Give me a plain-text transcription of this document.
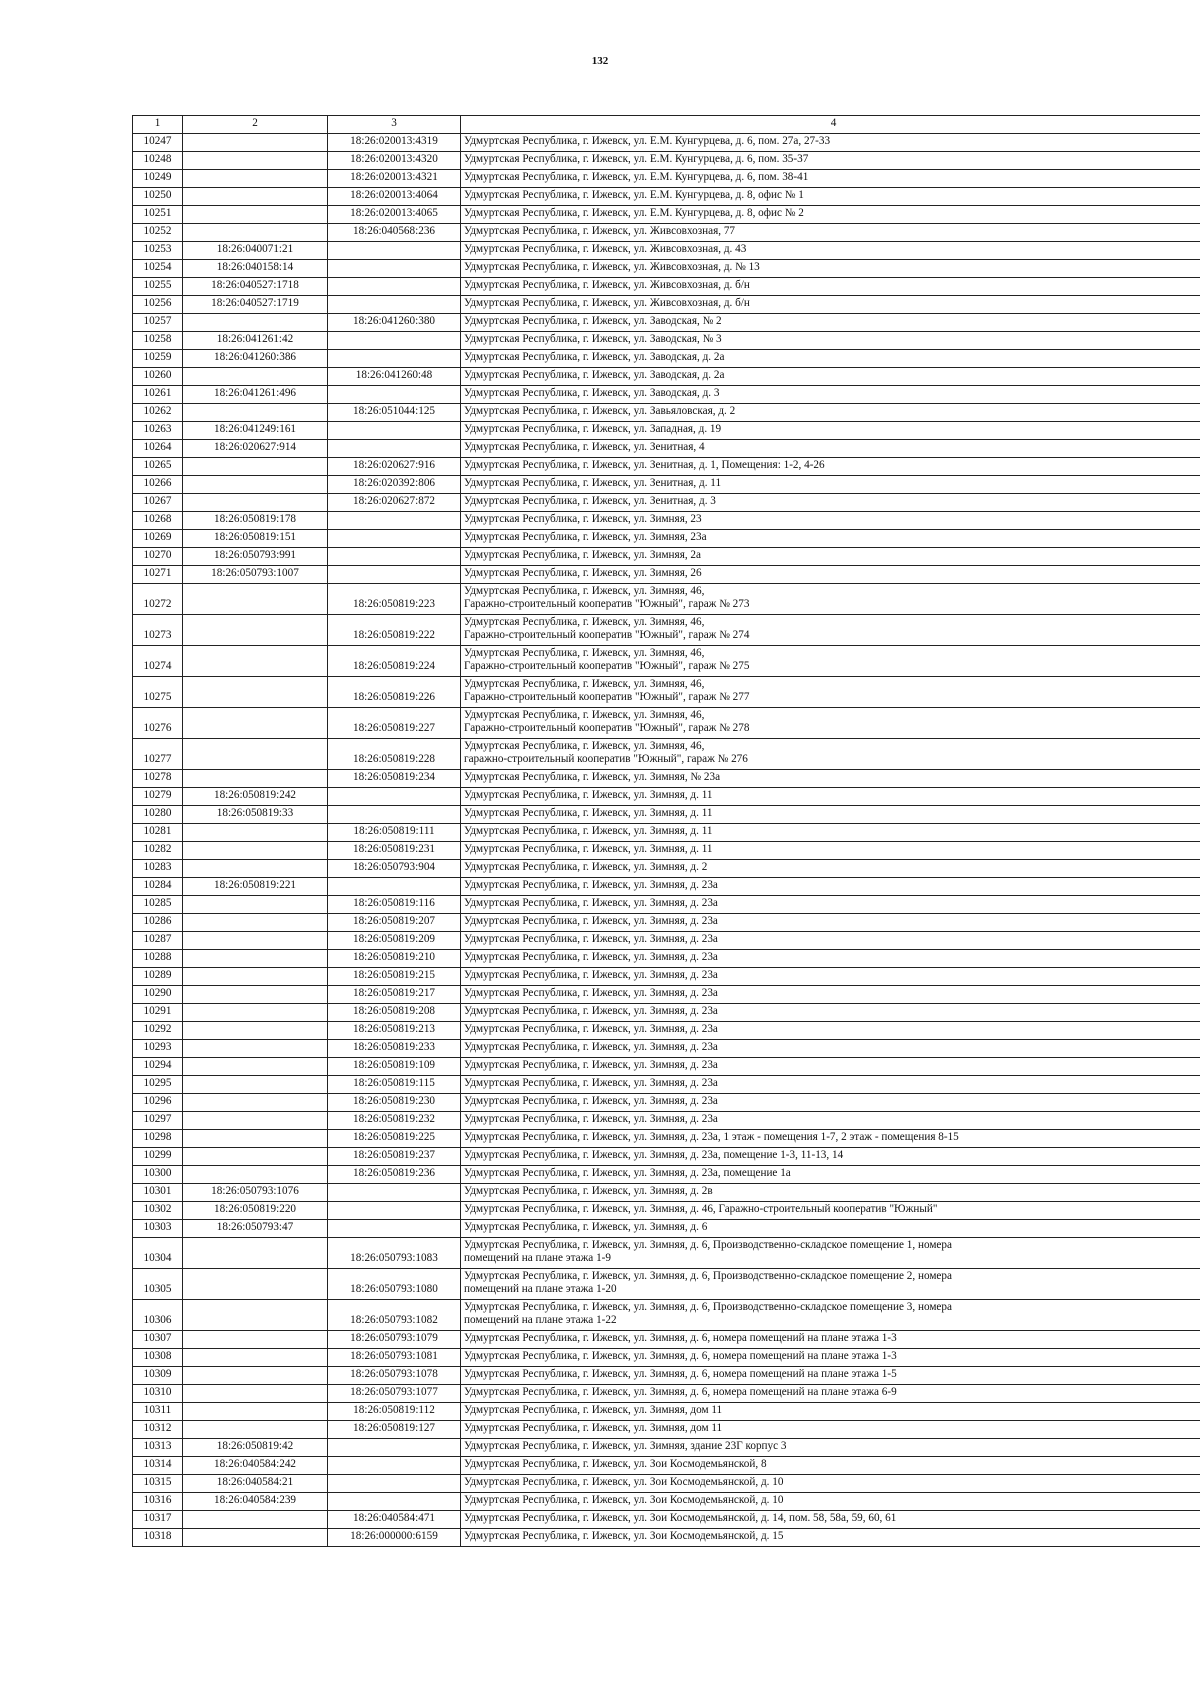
132
1	2	3	4
10247		18:26:020013:4319	Удмуртская Республика, г. Ижевск, ул. Е.М. Кунгурцева, д. 6, пом. 27а, 27-33

10248		18:26:020013:4320	Удмуртская Республика, г. Ижевск, ул. Е.М. Кунгурцева, д. 6, пом. 35-37

10249		18:26:020013:4321	Удмуртская Республика, г. Ижевск, ул. Е.М. Кунгурцева, д. 6, пом. 38-41

10250		18:26:020013:4064	Удмуртская Республика, г. Ижевск, ул. Е.М. Кунгурцева, д. 8, офис № 1

10251		18:26:020013:4065	Удмуртская Республика, г. Ижевск, ул. Е.М. Кунгурцева, д. 8, офис № 2

10252		18:26:040568:236	Удмуртская Республика, г. Ижевск, ул. Живсовхозная, 77

10253	18:26:040071:21		Удмуртская Республика, г. Ижевск, ул. Живсовхозная, д. 43

10254	18:26:040158:14		Удмуртская Республика, г. Ижевск, ул. Живсовхозная, д. № 13

10255	18:26:040527:1718		Удмуртская Республика, г. Ижевск, ул. Живсовхозная, д. б/н

10256	18:26:040527:1719		Удмуртская Республика, г. Ижевск, ул. Живсовхозная, д. б/н

10257		18:26:041260:380	Удмуртская Республика, г. Ижевск, ул. Заводская, № 2

10258	18:26:041261:42		Удмуртская Республика, г. Ижевск, ул. Заводская, № 3

10259	18:26:041260:386		Удмуртская Республика, г. Ижевск, ул. Заводская, д. 2а

10260		18:26:041260:48	Удмуртская Республика, г. Ижевск, ул. Заводская, д. 2а

10261	18:26:041261:496		Удмуртская Республика, г. Ижевск, ул. Заводская, д. 3

10262		18:26:051044:125	Удмуртская Республика, г. Ижевск, ул. Завьяловская, д. 2

10263	18:26:041249:161		Удмуртская Республика, г. Ижевск, ул. Западная, д. 19

10264	18:26:020627:914		Удмуртская Республика, г. Ижевск, ул. Зенитная, 4

10265		18:26:020627:916	Удмуртская Республика, г. Ижевск, ул. Зенитная, д. 1, Помещения: 1-2, 4-26

10266		18:26:020392:806	Удмуртская Республика, г. Ижевск, ул. Зенитная, д. 11

10267		18:26:020627:872	Удмуртская Республика, г. Ижевск, ул. Зенитная, д. 3

10268	18:26:050819:178		Удмуртская Республика, г. Ижевск, ул. Зимняя, 23

10269	18:26:050819:151		Удмуртская Республика, г. Ижевск, ул. Зимняя, 23а

10270	18:26:050793:991		Удмуртская Республика, г. Ижевск, ул. Зимняя, 2а

10271	18:26:050793:1007		Удмуртская Республика, г. Ижевск, ул. Зимняя, 26

10272		18:26:050819:223	Удмуртская Республика, г. Ижевск, ул. Зимняя, 46,
Гаражно-строительный кооператив "Южный", гараж № 273

10273		18:26:050819:222	Удмуртская Республика, г. Ижевск, ул. Зимняя, 46,
Гаражно-строительный кооператив "Южный", гараж № 274

10274		18:26:050819:224	Удмуртская Республика, г. Ижевск, ул. Зимняя, 46,
Гаражно-строительный кооператив "Южный", гараж № 275

10275		18:26:050819:226	Удмуртская Республика, г. Ижевск, ул. Зимняя, 46,
Гаражно-строительный кооператив "Южный", гараж № 277

10276		18:26:050819:227	Удмуртская Республика, г. Ижевск, ул. Зимняя, 46,
Гаражно-строительный кооператив "Южный", гараж № 278

10277		18:26:050819:228	Удмуртская Республика, г. Ижевск, ул. Зимняя, 46,
гаражно-строительный кооператив "Южный", гараж № 276

10278		18:26:050819:234	Удмуртская Республика, г. Ижевск, ул. Зимняя, № 23а

10279	18:26:050819:242		Удмуртская Республика, г. Ижевск, ул. Зимняя, д. 11

10280	18:26:050819:33		Удмуртская Республика, г. Ижевск, ул. Зимняя, д. 11

10281		18:26:050819:111	Удмуртская Республика, г. Ижевск, ул. Зимняя, д. 11

10282		18:26:050819:231	Удмуртская Республика, г. Ижевск, ул. Зимняя, д. 11

10283		18:26:050793:904	Удмуртская Республика, г. Ижевск, ул. Зимняя, д. 2

10284	18:26:050819:221		Удмуртская Республика, г. Ижевск, ул. Зимняя, д. 23а

10285		18:26:050819:116	Удмуртская Республика, г. Ижевск, ул. Зимняя, д. 23а

10286		18:26:050819:207	Удмуртская Республика, г. Ижевск, ул. Зимняя, д. 23а

10287		18:26:050819:209	Удмуртская Республика, г. Ижевск, ул. Зимняя, д. 23а

10288		18:26:050819:210	Удмуртская Республика, г. Ижевск, ул. Зимняя, д. 23а

10289		18:26:050819:215	Удмуртская Республика, г. Ижевск, ул. Зимняя, д. 23а

10290		18:26:050819:217	Удмуртская Республика, г. Ижевск, ул. Зимняя, д. 23а

10291		18:26:050819:208	Удмуртская Республика, г. Ижевск, ул. Зимняя, д. 23а

10292		18:26:050819:213	Удмуртская Республика, г. Ижевск, ул. Зимняя, д. 23а

10293		18:26:050819:233	Удмуртская Республика, г. Ижевск, ул. Зимняя, д. 23а

10294		18:26:050819:109	Удмуртская Республика, г. Ижевск, ул. Зимняя, д. 23а

10295		18:26:050819:115	Удмуртская Республика, г. Ижевск, ул. Зимняя, д. 23а

10296		18:26:050819:230	Удмуртская Республика, г. Ижевск, ул. Зимняя, д. 23а

10297		18:26:050819:232	Удмуртская Республика, г. Ижевск, ул. Зимняя, д. 23а

10298		18:26:050819:225	Удмуртская Республика, г. Ижевск, ул. Зимняя, д. 23а, 1 этаж - помещения 1-7, 2 этаж - помещения 8-15

10299		18:26:050819:237	Удмуртская Республика, г. Ижевск, ул. Зимняя, д. 23а, помещение 1-3, 11-13, 14

10300		18:26:050819:236	Удмуртская Республика, г. Ижевск, ул. Зимняя, д. 23а, помещение 1а

10301	18:26:050793:1076		Удмуртская Республика, г. Ижевск, ул. Зимняя, д. 2в

10302	18:26:050819:220		Удмуртская Республика, г. Ижевск, ул. Зимняя, д. 46, Гаражно-строительный кооператив "Южный"

10303	18:26:050793:47		Удмуртская Республика, г. Ижевск, ул. Зимняя, д. 6

10304		18:26:050793:1083	Удмуртская Республика, г. Ижевск, ул. Зимняя, д. 6, Производственно-складское помещение 1, номера
помещений на плане этажа 1-9

10305		18:26:050793:1080	Удмуртская Республика, г. Ижевск, ул. Зимняя, д. 6, Производственно-складское помещение 2, номера
помещений на плане этажа 1-20

10306		18:26:050793:1082	Удмуртская Республика, г. Ижевск, ул. Зимняя, д. 6, Производственно-складское помещение 3, номера
помещений на плане этажа 1-22

10307		18:26:050793:1079	Удмуртская Республика, г. Ижевск, ул. Зимняя, д. 6, номера помещений на плане этажа 1-3

10308		18:26:050793:1081	Удмуртская Республика, г. Ижевск, ул. Зимняя, д. 6, номера помещений на плане этажа 1-3

10309		18:26:050793:1078	Удмуртская Республика, г. Ижевск, ул. Зимняя, д. 6, номера помещений на плане этажа 1-5

10310		18:26:050793:1077	Удмуртская Республика, г. Ижевск, ул. Зимняя, д. 6, номера помещений на плане этажа 6-9

10311		18:26:050819:112	Удмуртская Республика, г. Ижевск, ул. Зимняя, дом 11

10312		18:26:050819:127	Удмуртская Республика, г. Ижевск, ул. Зимняя, дом 11

10313	18:26:050819:42		Удмуртская Республика, г. Ижевск, ул. Зимняя, здание 23Г корпус 3

10314	18:26:040584:242		Удмуртская Республика, г. Ижевск, ул. Зои Космодемьянской, 8

10315	18:26:040584:21		Удмуртская Республика, г. Ижевск, ул. Зои Космодемьянской, д. 10

10316	18:26:040584:239		Удмуртская Республика, г. Ижевск, ул. Зои Космодемьянской, д. 10

10317		18:26:040584:471	Удмуртская Республика, г. Ижевск, ул. Зои Космодемьянской, д. 14, пом. 58, 58а, 59, 60, 61

10318		18:26:000000:6159	Удмуртская Республика, г. Ижевск, ул. Зои Космодемьянской, д. 15
